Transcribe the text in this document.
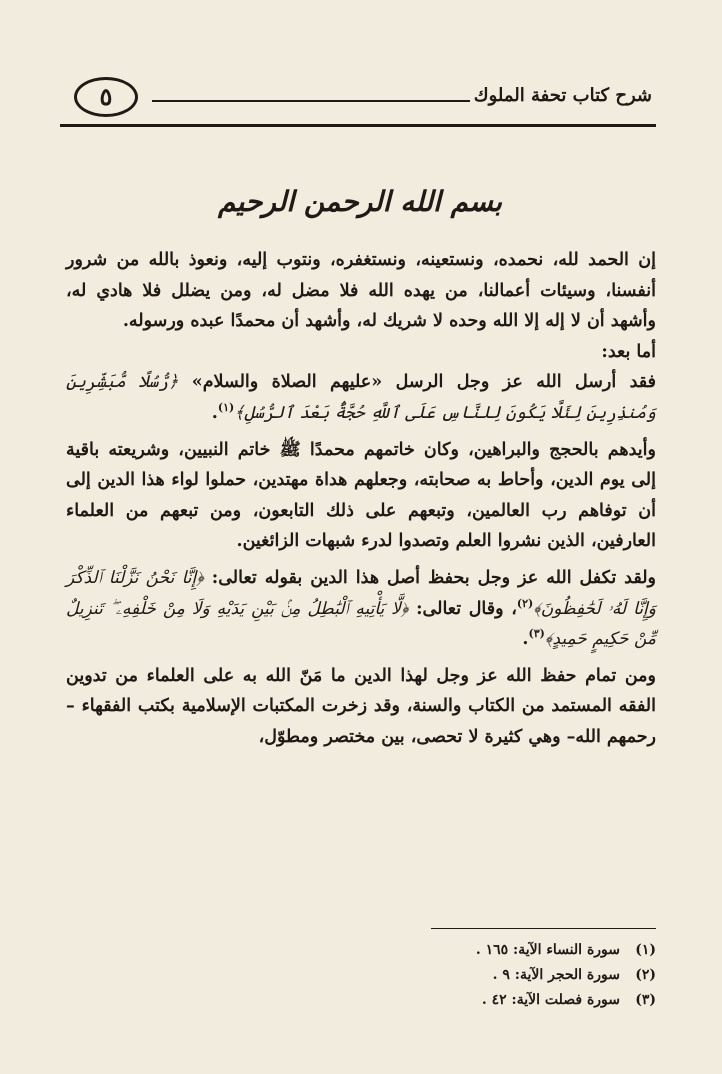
شرح كتاب تحفة الملوك
٥
بسم الله الرحمن الرحيم

إن الحمد لله، نحمده، ونستعينه، ونستغفره، ونتوب إليه، ونعوذ بالله من شرور أنفسنا، وسيئات أعمالنا، من يهده الله فلا مضل له، ومن يضلل فلا هادي له، وأشهد أن لا إله إلا الله وحده لا شريك له، وأشهد أن محمدًا عبده ورسوله.

أما بعد:

فقد أرسل الله عز وجل الرسل «عليهم الصلاة والسلام» ﴿رُّسُلًا مُّبَشِّرِينَ وَمُنذِرِينَ لِئَلَّا يَكُونَ لِلنَّاسِ عَلَى ٱللَّهِ حُجَّةٌۢ بَعْدَ ٱلرُّسُلِ﴾$^{(١)}$.

وأيدهم بالحجج والبراهين، وكان خاتمهم محمدًا ﷺ خاتم النبيين، وشريعته باقية إلى يوم الدين، وأحاط به صحابته، وجعلهم هداة مهتدين، حملوا لواء هذا الدين إلى أن توفاهم رب العالمين، وتبعهم على ذلك التابعون، ومن تبعهم من العلماء العارفين، الذين نشروا العلم وتصدوا لدرء شبهات الزائغين.

ولقد تكفل الله عز وجل بحفظ أصل هذا الدين بقوله تعالى: ﴿إِنَّا نَحْنُ نَزَّلْنَا ٱلذِّكْرَ وَإِنَّا لَهُۥ لَحَٰفِظُونَ﴾$^{(٢)}$، وقال تعالى: ﴿لَّا يَأْتِيهِ ٱلْبَٰطِلُ مِنۢ بَيْنِ يَدَيْهِ وَلَا مِنْ خَلْفِهِۦ ۖ تَنزِيلٌ مِّنْ حَكِيمٍ حَمِيدٍ﴾$^{(٣)}$.

ومن تمام حفظ الله عز وجل لهذا الدين ما مَنّ الله به على العلماء من تدوين الفقه المستمد من الكتاب والسنة، وقد زخرت المكتبات الإسلامية بكتب الفقهاء – رحمهم الله– وهي كثيرة لا تحصى، بين مختصر ومطوّل،

(١)
سورة النساء الآية: ١٦٥ .
(٢)
سورة الحجر الآية: ٩ .
(٣)
سورة فصلت الآية: ٤٢ .
